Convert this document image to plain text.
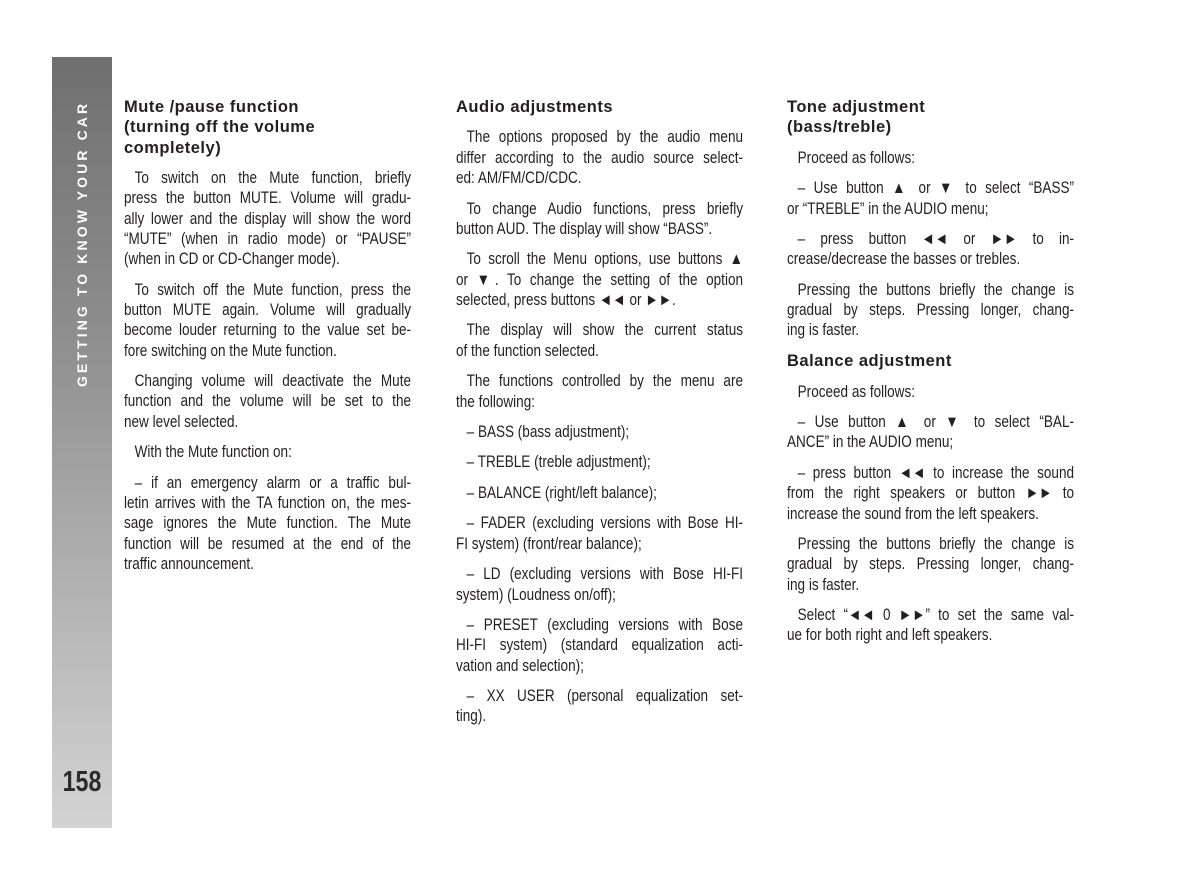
GETTING TO KNOW YOUR CAR
158
Mute /pause function
(turning off the volume
completely)
To switch on the Mute function, briefly
press the button MUTE. Volume will gradu-
ally lower and the display will show the word
“MUTE” (when in radio mode) or “PAUSE”
(when in CD or CD-Changer mode).
To switch off the Mute function, press the
button MUTE again. Volume will gradually
become louder returning to the value set be-
fore switching on the Mute function.
Changing volume will deactivate the Mute
function and the volume will be set to the
new level selected.
With the Mute function on:
– if an emergency alarm or a traffic bul-
letin arrives with the TA function on, the mes-
sage ignores the Mute function. The Mute
function will be resumed at the end of the
traffic announcement.
Audio adjustments
The options proposed by the audio menu
differ according to the audio source select-
ed: AM/FM/CD/CDC.
To change Audio functions, press briefly
button AUD. The display will show “BASS”.
To scroll the Menu options, use buttons ▲
or ▼. To change the setting of the option
selected, press buttons ◄◄ or ►►.
The display will show the current status
of the function selected.
The functions controlled by the menu are
the following:
– BASS (bass adjustment);
– TREBLE (treble adjustment);
– BALANCE (right/left balance);
– FADER (excluding versions with Bose HI-
FI system) (front/rear balance);
– LD (excluding versions with Bose HI-FI
system) (Loudness on/off);
– PRESET (excluding versions with Bose
HI-FI system) (standard equalization acti-
vation and selection);
– XX USER (personal equalization set-
ting).
Tone adjustment
(bass/treble)
Proceed as follows:
– Use button ▲ or ▼ to select “BASS”
or “TREBLE” in the AUDIO menu;
– press button ◄◄ or ►► to in-
crease/decrease the basses or trebles.
Pressing the buttons briefly the change is
gradual by steps. Pressing longer, chang-
ing is faster.
Balance adjustment
Proceed as follows:
– Use button ▲ or ▼ to select “BAL-
ANCE” in the AUDIO menu;
– press button ◄◄ to increase the sound
from the right speakers or button ►► to
increase the sound from the left speakers.
Pressing the buttons briefly the change is
gradual by steps. Pressing longer, chang-
ing is faster.
Select “◄◄ 0 ►►” to set the same val-
ue for both right and left speakers.
